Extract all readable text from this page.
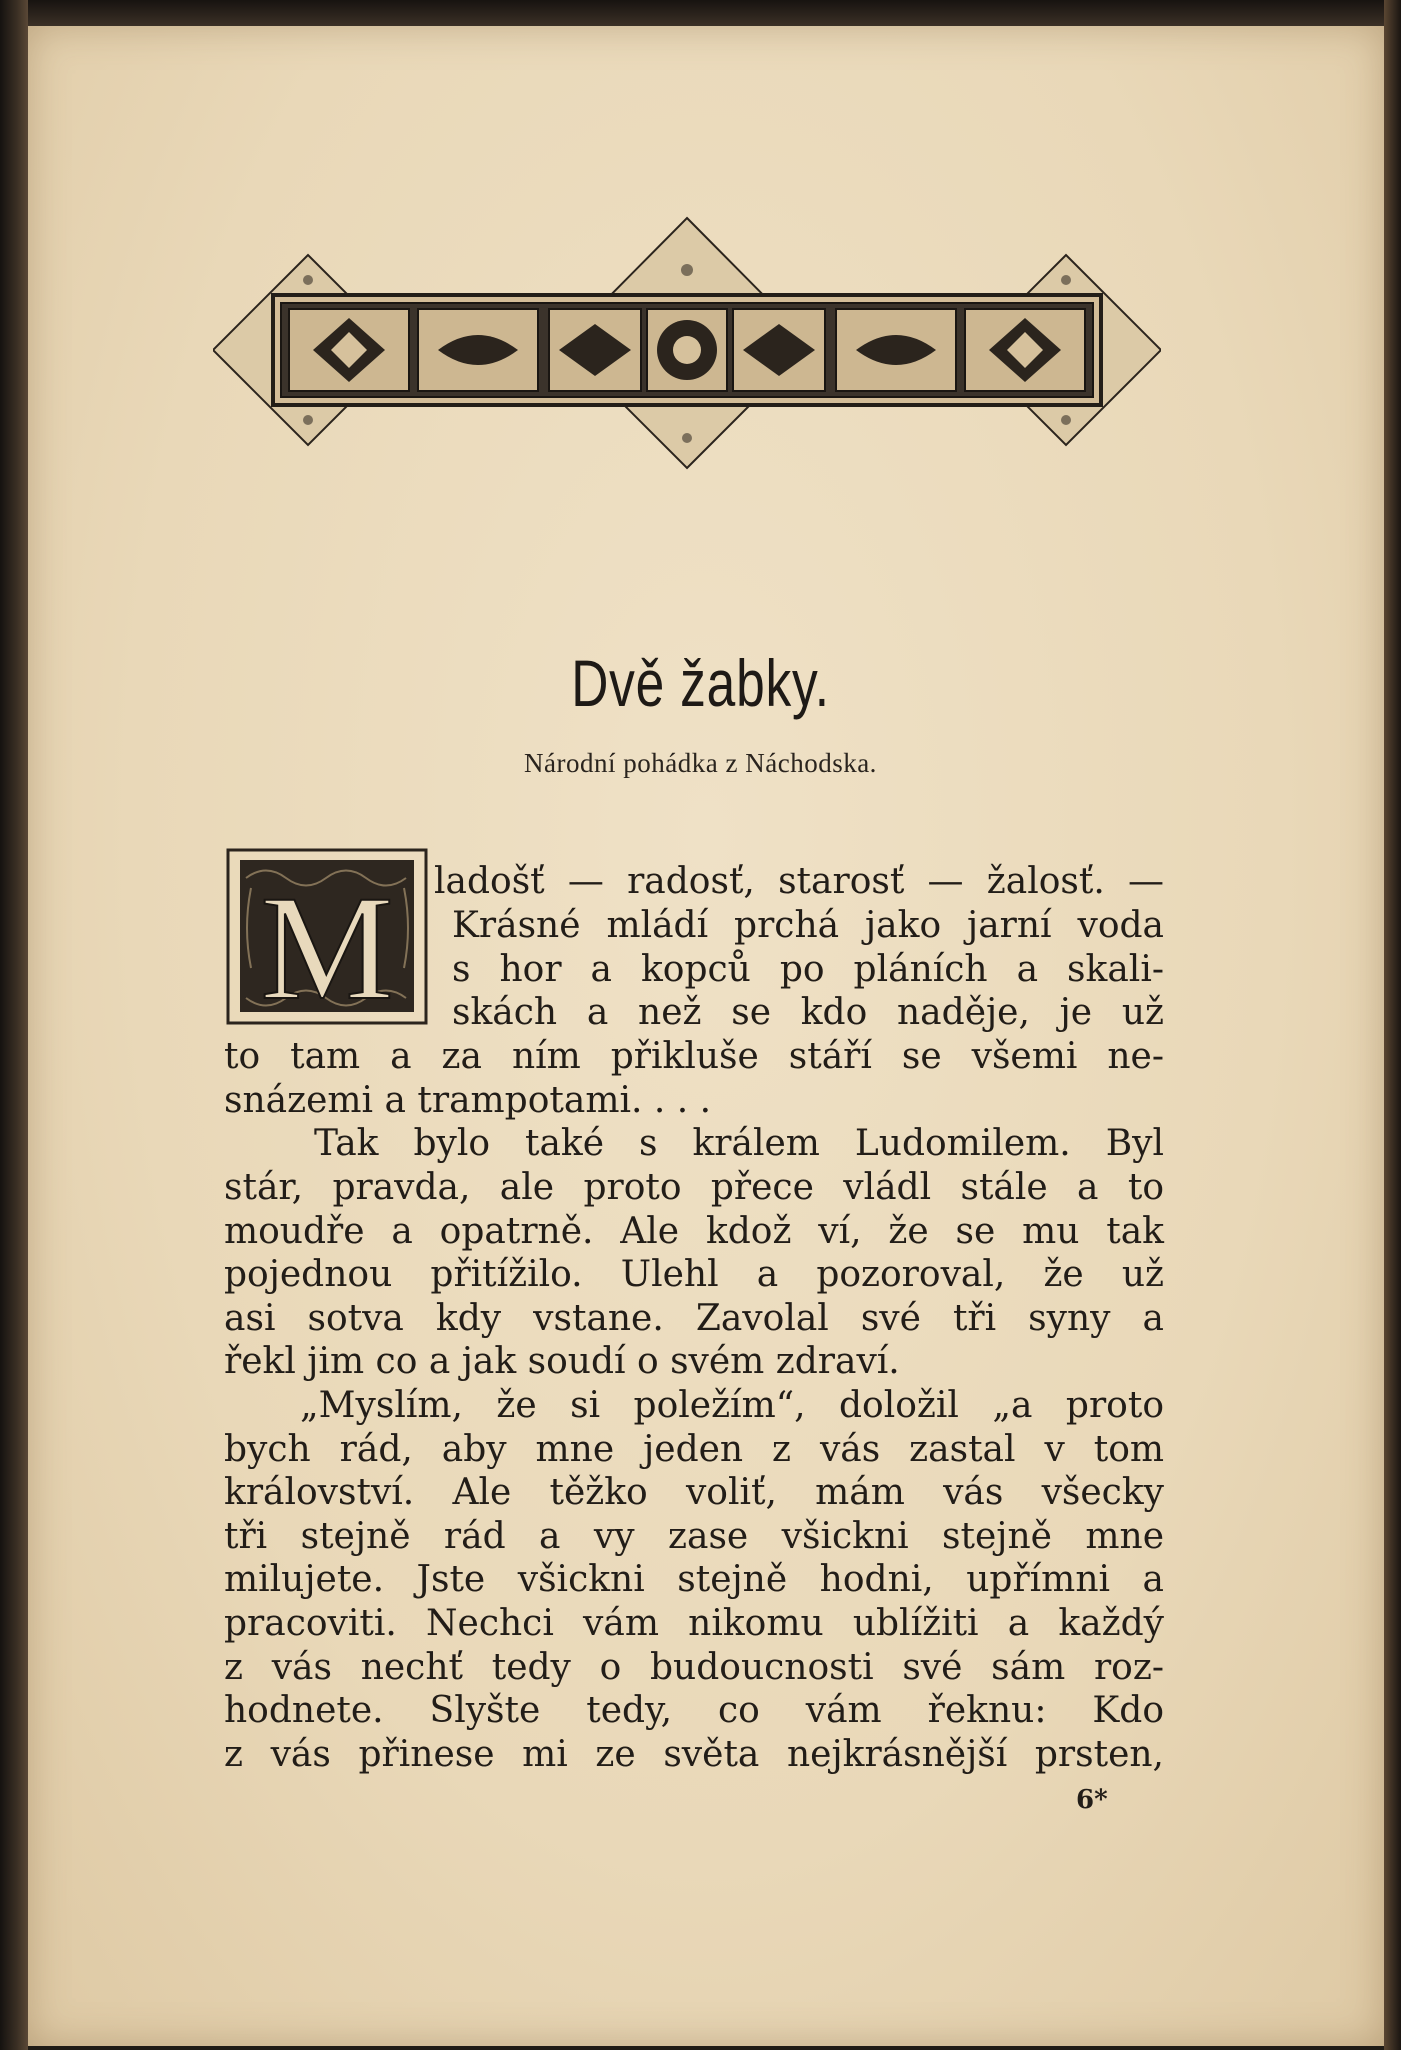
Dvě žabky.
Národní pohádka z Náchodska.
M ladošť — radosť, starosť — žalosť. —
Krásné mládí prchá jako jarní voda
s hor a kopců po pláních a skali-
skách a než se kdo naděje, je už
to tam a za ním přikluše stáří se všemi ne-
snázemi a trampotami. . . .
Tak bylo také s králem Ludomilem. Byl
stár, pravda, ale proto přece vládl stále a to
moudře a opatrně. Ale kdož ví, že se mu tak
pojednou přitížilo. Ulehl a pozoroval, že už
asi sotva kdy vstane. Zavolal své tři syny a
řekl jim co a jak soudí o svém zdraví.
„Myslím, že si poležím“, doložil „a proto
bych rád, aby mne jeden z vás zastal v tom
království. Ale těžko voliť, mám vás všecky
tři stejně rád a vy zase všickni stejně mne
milujete. Jste všickni stejně hodni, upřímni a
pracoviti. Nechci vám nikomu ublížiti a každý
z vás nechť tedy o budoucnosti své sám roz-
hodnete. Slyšte tedy, co vám řeknu: Kdo
z vás přinese mi ze světa nejkrásnější prsten,
6*
